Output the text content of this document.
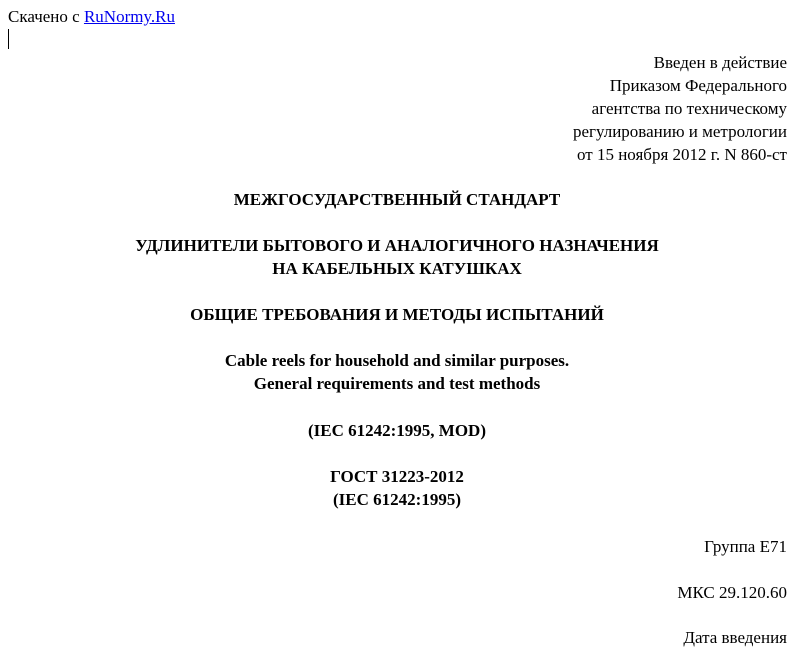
Скачено с RuNormy.Ru
Введен в действие
Приказом Федерального
агентства по техническому
регулированию и метрологии
от 15 ноября 2012 г. N 860-ст
МЕЖГОСУДАРСТВЕННЫЙ СТАНДАРТ
УДЛИНИТЕЛИ БЫТОВОГО И АНАЛОГИЧНОГО НАЗНАЧЕНИЯ
НА КАБЕЛЬНЫХ КАТУШКАХ
ОБЩИЕ ТРЕБОВАНИЯ И МЕТОДЫ ИСПЫТАНИЙ
Cable reels for household and similar purposes.
General requirements and test methods
(IEC 61242:1995, MOD)
ГОСТ 31223-2012
(IEC 61242:1995)
Группа Е71
МКС 29.120.60
Дата введения
